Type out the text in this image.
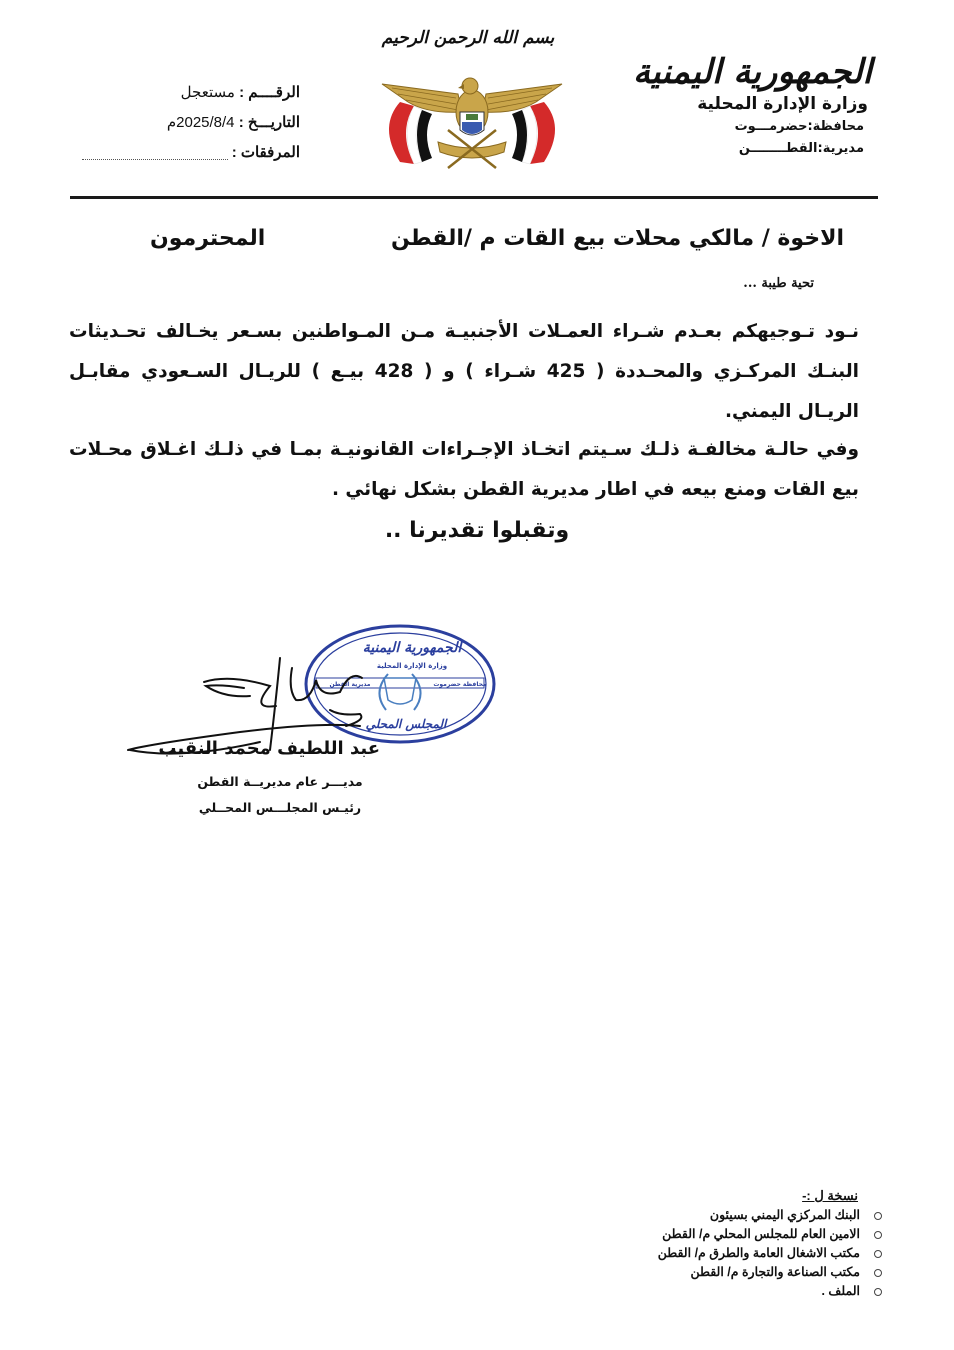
الجمهورية اليمنية
وزارة الإدارة المحلية
محافظة:حضرمـــوت
مديرية:القطــــــــن
بسم الله الرحمن الرحيم
الرقــــم : مستعجل
التاريـــخ : 2025/8/4م
المرفقات :
الاخوة / مالكي محلات بيع القات م /القطن
المحترمون
تحية طيبة ...
نـود تـوجيهكم بعـدم شـراء العمـلات الأجنبيـة مـن المـواطنين بسـعر يخـالف تحـديثات البنـك المركـزي والمحـددة ( 425 شـراء ) و ( 428 بيـع ) للريـال السـعودي مقابـل الريـال اليمني.
وفي حالـة مخالفـة ذلـك سـيتم اتخـاذ الإجـراءات القانونيـة بمـا في ذلـك اغـلاق محـلات بيع القات ومنع بيعه في اطار مديرية القطن بشكل نهائي .
وتقبلوا تقديرنا ..
الجمهورية اليمنية
وزارة الإدارة المحلية
مديرية القطن	محافظة حضرموت
المجلس المحلي
عبد اللطيف محمد النقيب
مديـــر عام مديريــة القطن
رئيـس المجلـــس المحــلي
نسخة ل :-
البنك المركزي اليمني بسيئون
الامين العام للمجلس المحلي م/ القطن
مكتب الاشغال العامة والطرق م/ القطن
مكتب الصناعة والتجارة م/ القطن
الملف .
